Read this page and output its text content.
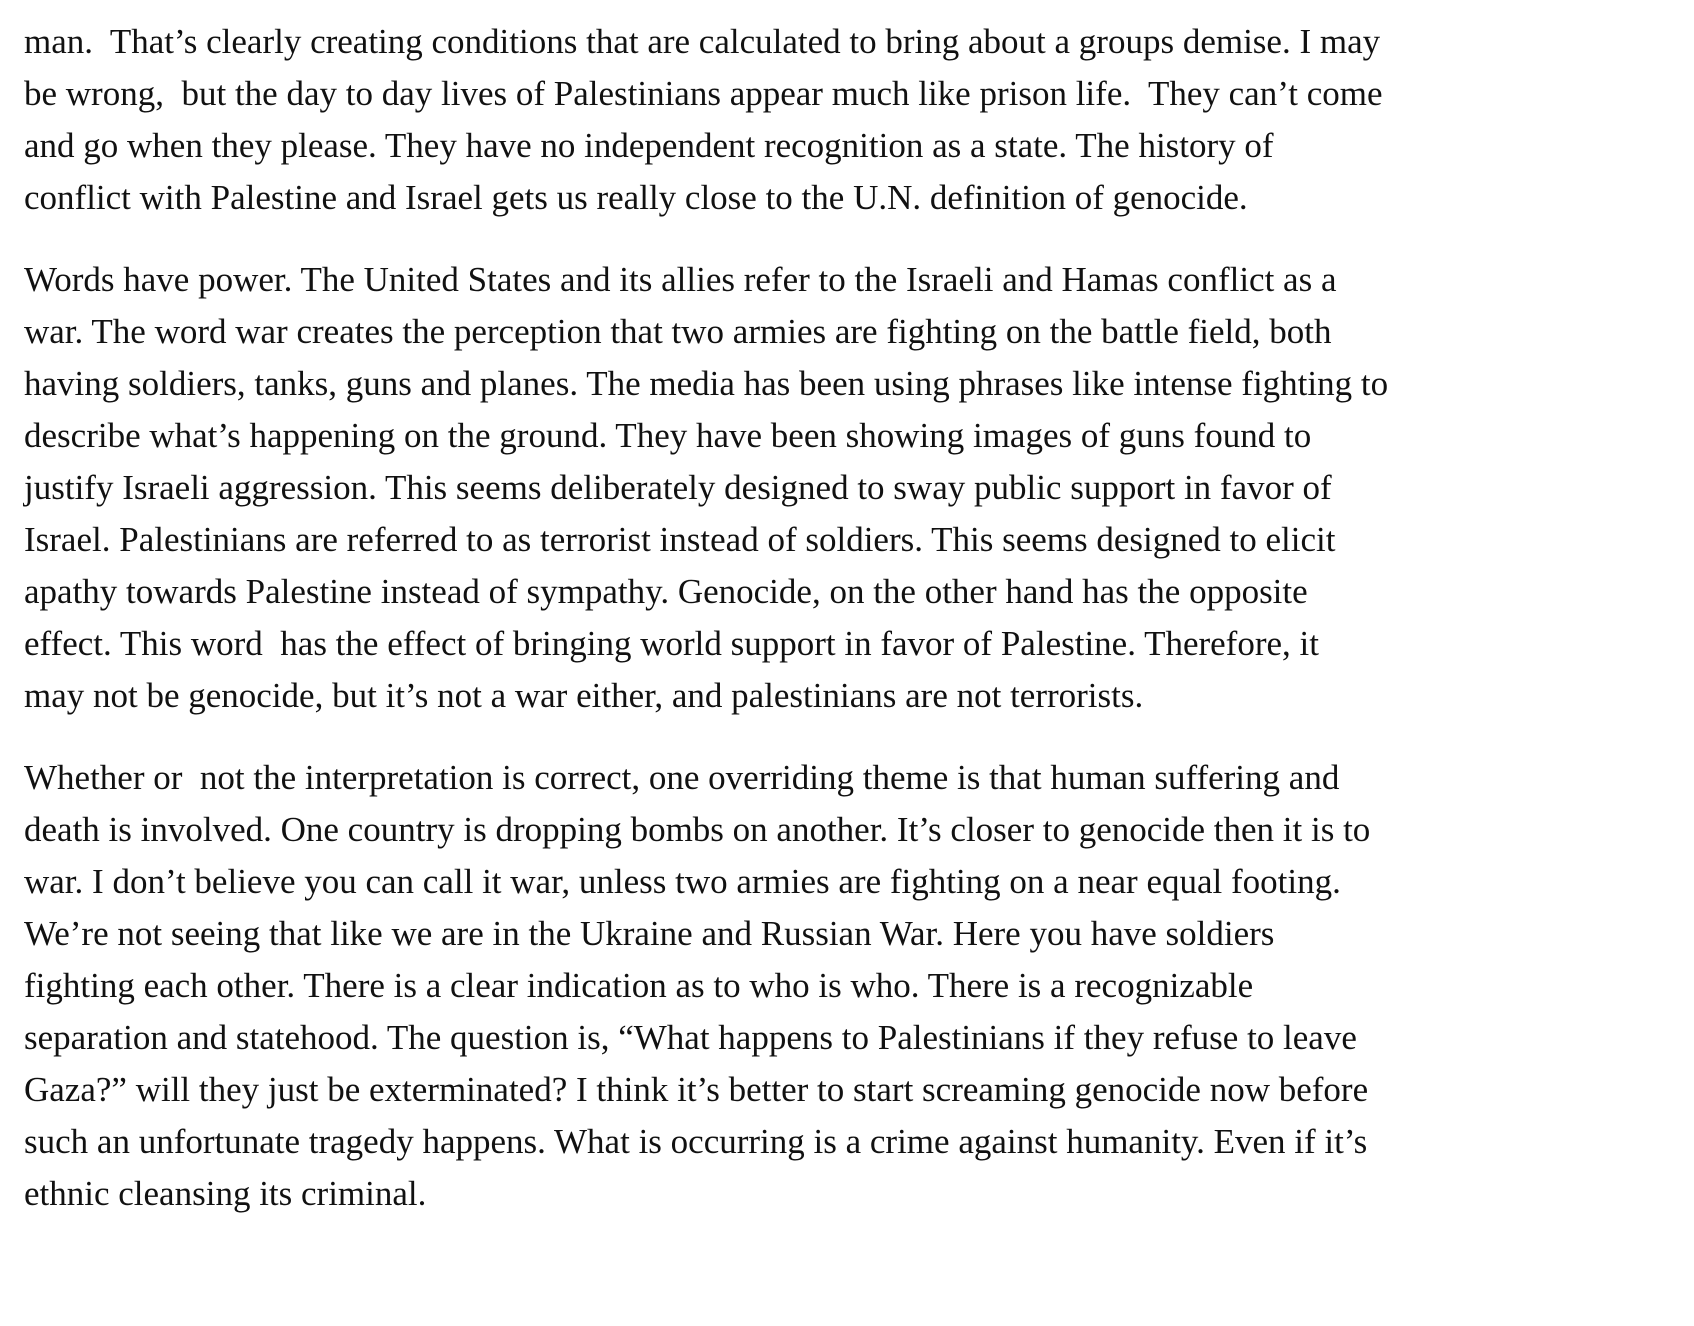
man.  That’s clearly creating conditions that are calculated to bring about a groups demise. I may
be wrong,  but the day to day lives of Palestinians appear much like prison life.  They can’t come
and go when they please. They have no independent recognition as a state. The history of
conflict with Palestine and Israel gets us really close to the U.N. definition of genocide.
Words have power. The United States and its allies refer to the Israeli and Hamas conflict as a
war. The word war creates the perception that two armies are fighting on the battle field, both
having soldiers, tanks, guns and planes. The media has been using phrases like intense fighting to
describe what’s happening on the ground. They have been showing images of guns found to
justify Israeli aggression. This seems deliberately designed to sway public support in favor of
Israel. Palestinians are referred to as terrorist instead of soldiers. This seems designed to elicit
apathy towards Palestine instead of sympathy. Genocide, on the other hand has the opposite
effect. This word  has the effect of bringing world support in favor of Palestine. Therefore, it
may not be genocide, but it’s not a war either, and palestinians are not terrorists.
Whether or  not the interpretation is correct, one overriding theme is that human suffering and
death is involved. One country is dropping bombs on another. It’s closer to genocide then it is to
war. I don’t believe you can call it war, unless two armies are fighting on a near equal footing.
We’re not seeing that like we are in the Ukraine and Russian War. Here you have soldiers
fighting each other. There is a clear indication as to who is who. There is a recognizable
separation and statehood. The question is, “What happens to Palestinians if they refuse to leave
Gaza?” will they just be exterminated? I think it’s better to start screaming genocide now before
such an unfortunate tragedy happens. What is occurring is a crime against humanity. Even if it’s
ethnic cleansing its criminal.
